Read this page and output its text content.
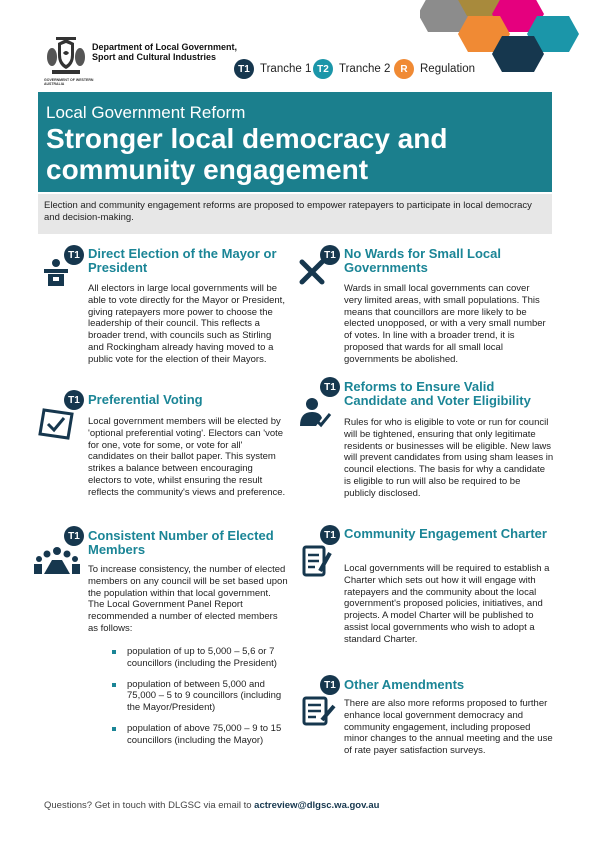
GOVERNMENT OF WESTERN AUSTRALIA
Department of Local Government, Sport and Cultural Industries
T1 Tranche 1 T2 Tranche 2	R	Regulation
Local Government Reform
Stronger local democracy and community engagement
Election and community engagement reforms are proposed to empower ratepayers to participate in local democracy and decision-making.
T1 Direct Election of the Mayor or President
All electors in large local governments will be able to vote directly for the Mayor or President, giving ratepayers more power to choose the leadership of their council. This reflects a broader trend, with councils such as Stirling and Rockingham already having moved to a public vote for the election of their Mayors.
T1 Preferential Voting
Local government members will be elected by 'optional preferential voting'. Electors can 'vote for one, vote for some, or vote for all' candidates on their ballot paper. This system strikes a balance between encouraging electors to vote, whilst ensuring the result reflects the community's views and preference.
T1 Consistent Number of Elected Members
To increase consistency, the number of elected members on any council will be set based upon the population within that local government. The Local Government Panel Report recommended a number of elected members as follows:
population of up to 5,000 – 5,6 or 7 councillors (including the President)
population of between 5,000 and 75,000 – 5 to 9 councillors (including the Mayor/President)
population of above 75,000 – 9 to 15 councillors (including the Mayor)
T1 No Wards for Small Local Governments
Wards in small local governments can cover very limited areas, with small populations. This means that councillors are more likely to be elected unopposed, or with a very small number of votes. In line with a broader trend, it is proposed that wards for all small local governments be abolished.
T1 Reforms to Ensure Valid Candidate and Voter Eligibility
Rules for who is eligible to vote or run for council will be tightened, ensuring that only legitimate residents or businesses will be eligible. New laws will prevent candidates from using sham leases in council elections. The basis for why a candidate is eligible to run will also be required to be publicly disclosed.
T1 Community Engagement Charter
Local governments will be required to establish a Charter which sets out how it will engage with ratepayers and the community about the local government's proposed policies, initiatives, and projects. A model Charter will be published to assist local governments who wish to adopt a standard Charter.
T1 Other Amendments
There are also more reforms proposed to further enhance local government democracy and community engagement, including proposed minor changes to the annual meeting and the use of rate payer satisfaction surveys.
Questions? Get in touch with DLGSC via email to actreview@dlgsc.wa.gov.au
